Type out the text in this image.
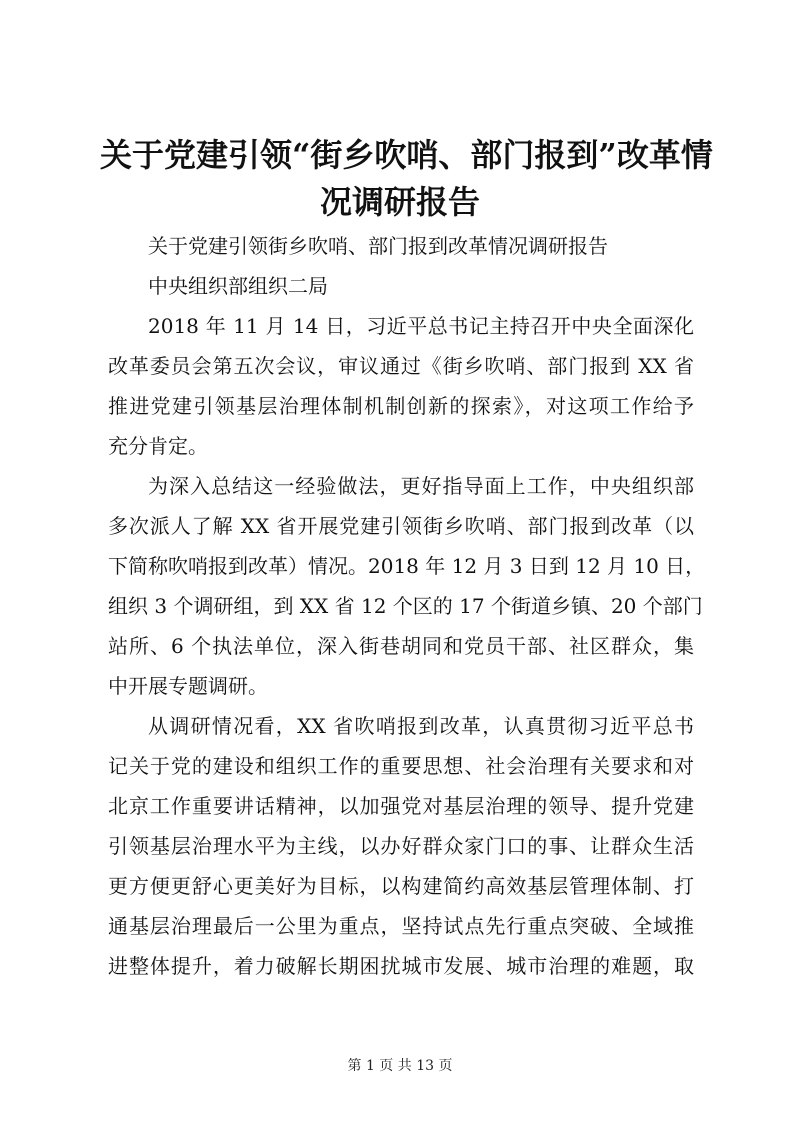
关于党建引领“街乡吹哨、部门报到”改革情
况调研报告
关于党建引领街乡吹哨、部门报到改革情况调研报告
中央组织部组织二局
2018 年 11 月 14 日，习近平总书记主持召开中央全面深化
改革委员会第五次会议，审议通过《街乡吹哨、部门报到 XX 省
推进党建引领基层治理体制机制创新的探索》，对这项工作给予
充分肯定。
为深入总结这一经验做法，更好指导面上工作，中央组织部
多次派人了解 XX 省开展党建引领街乡吹哨、部门报到改革（以
下简称吹哨报到改革）情况。2018 年 12 月 3 日到 12 月 10 日，
组织 3 个调研组，到 XX 省 12 个区的 17 个街道乡镇、20 个部门
站所、6 个执法单位，深入街巷胡同和党员干部、社区群众，集
中开展专题调研。
从调研情况看，XX 省吹哨报到改革，认真贯彻习近平总书
记关于党的建设和组织工作的重要思想、社会治理有关要求和对
北京工作重要讲话精神，以加强党对基层治理的领导、提升党建
引领基层治理水平为主线，以办好群众家门口的事、让群众生活
更方便更舒心更美好为目标，以构建简约高效基层管理体制、打
通基层治理最后一公里为重点，坚持试点先行重点突破、全域推
进整体提升，着力破解长期困扰城市发展、城市治理的难题，取
第 1 页 共 13 页
